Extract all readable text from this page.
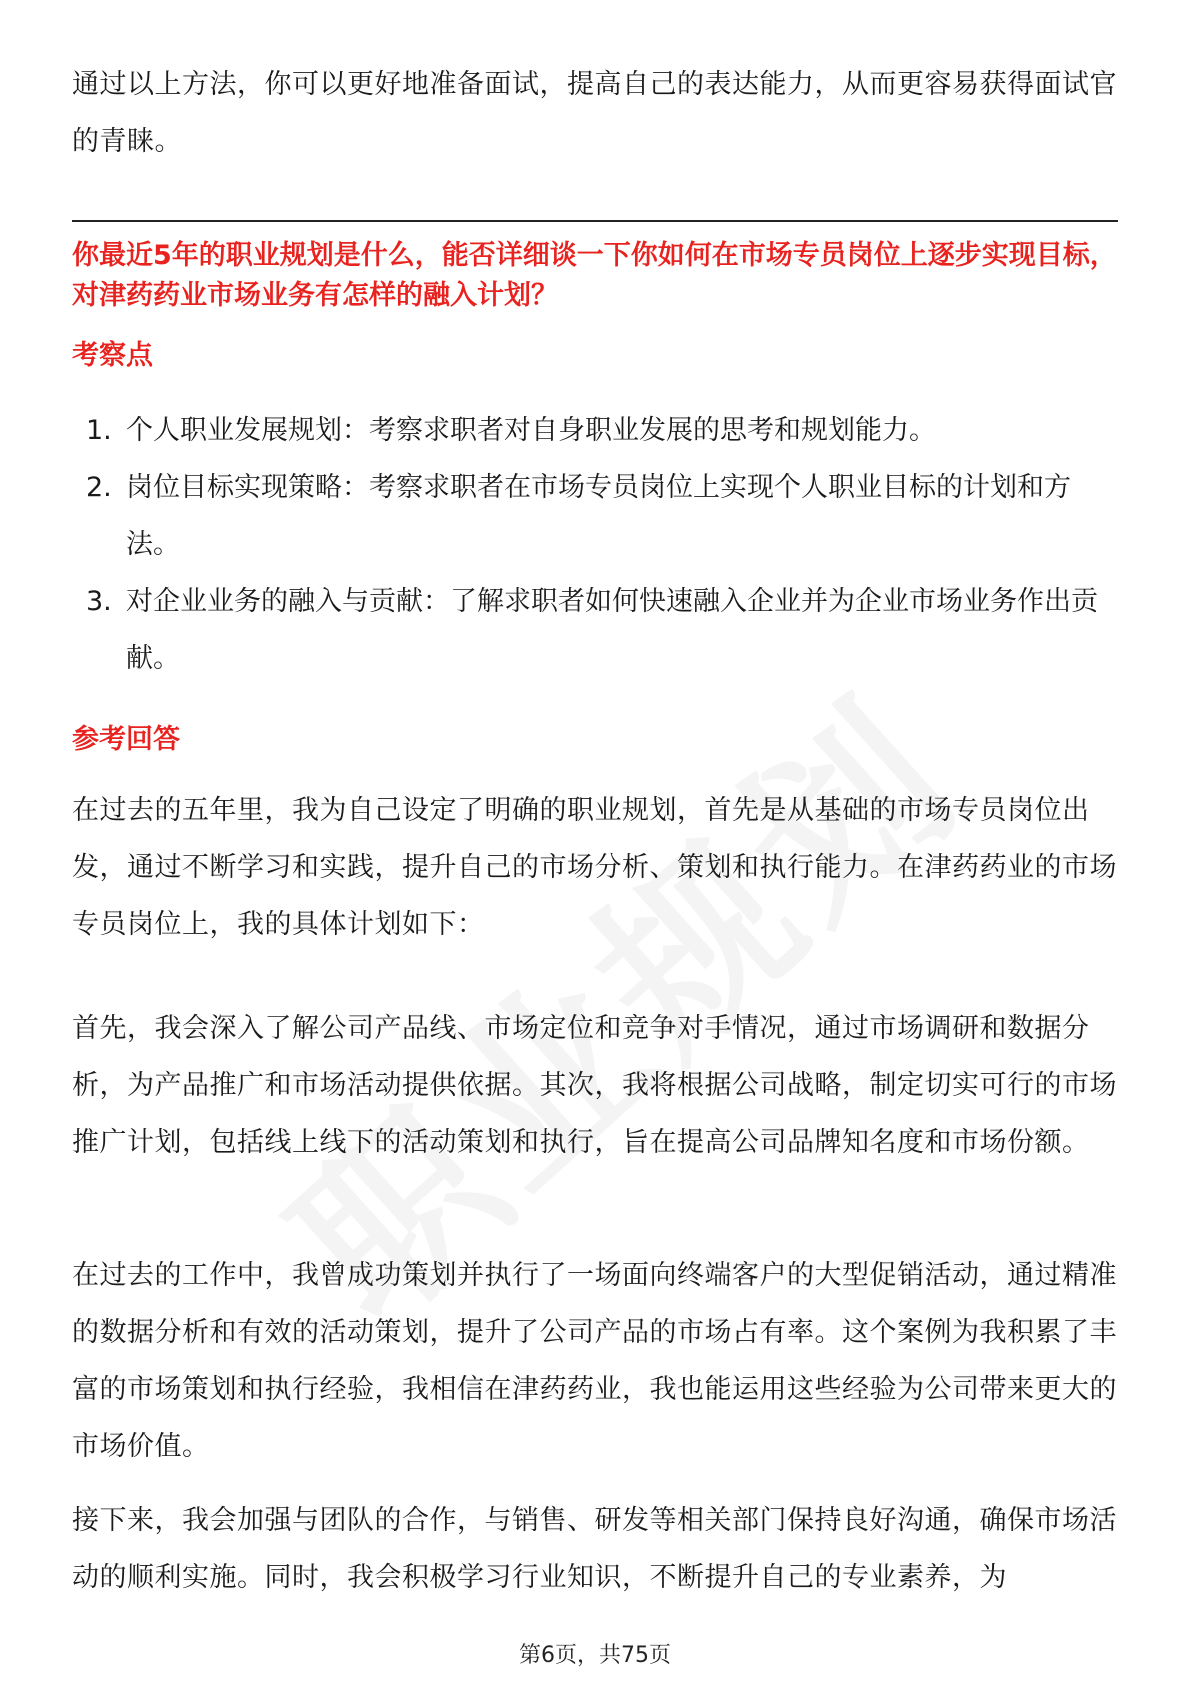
通过以上方法，你可以更好地准备面试，提高自己的表达能力，从而更容易获得面试官的青睐。

你最近5年的职业规划是什么，能否详细谈一下你如何在市场专员岗位上逐步实现目标，对津药药业市场业务有怎样的融入计划？
考察点
1. 个人职业发展规划：考察求职者对自身职业发展的思考和规划能力。
2. 岗位目标实现策略：考察求职者在市场专员岗位上实现个人职业目标的计划和方法。
3. 对企业业务的融入与贡献：了解求职者如何快速融入企业并为企业市场业务作出贡献。
参考回答

在过去的五年里，我为自己设定了明确的职业规划，首先是从基础的市场专员岗位出发，通过不断学习和实践，提升自己的市场分析、策划和执行能力。在津药药业的市场专员岗位上，我的具体计划如下：

首先，我会深入了解公司产品线、市场定位和竞争对手情况，通过市场调研和数据分析，为产品推广和市场活动提供依据。其次，我将根据公司战略，制定切实可行的市场推广计划，包括线上线下的活动策划和执行，旨在提高公司品牌知名度和市场份额。

在过去的工作中，我曾成功策划并执行了一场面向终端客户的大型促销活动，通过精准的数据分析和有效的活动策划，提升了公司产品的市场占有率。这个案例为我积累了丰富的市场策划和执行经验，我相信在津药药业，我也能运用这些经验为公司带来更大的市场价值。

接下来，我会加强与团队的合作，与销售、研发等相关部门保持良好沟通，确保市场活动的顺利实施。同时，我会积极学习行业知识，不断提升自己的专业素养，为

第6页，共75页
